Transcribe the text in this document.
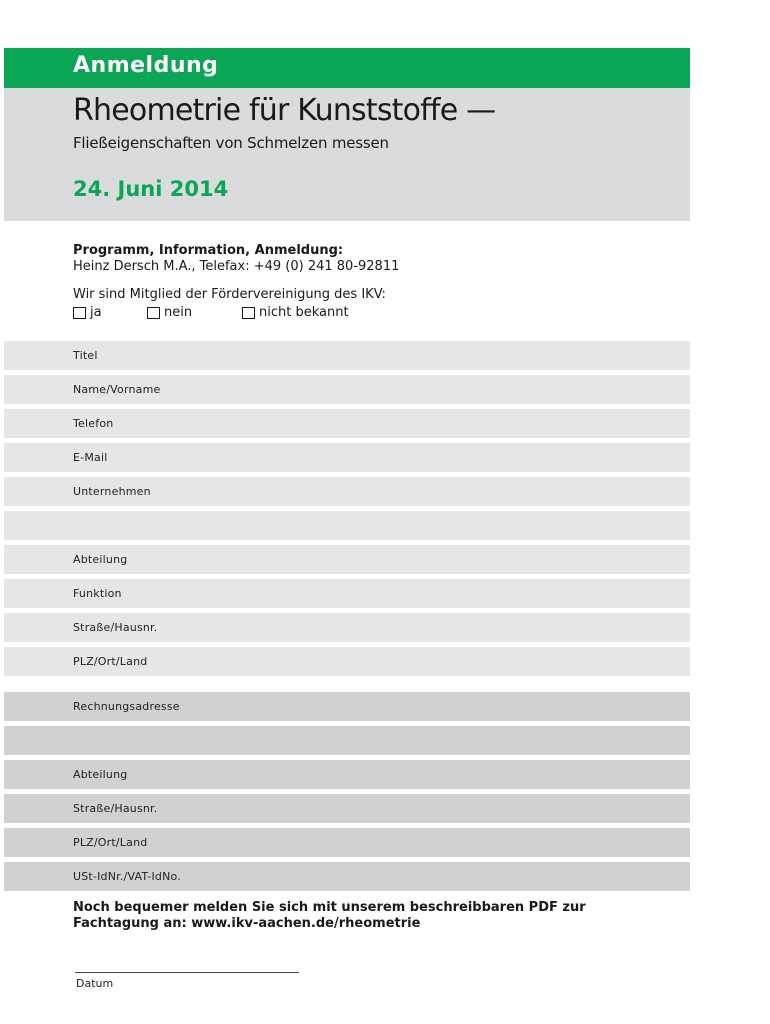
Anmeldung
Rheometrie für Kunststoffe —
Fließeigenschaften von Schmelzen messen
24. Juni 2014
Programm, Information, Anmeldung:
Heinz Dersch M.A., Telefax: +49 (0) 241 80-92811
Wir sind Mitglied der Fördervereinigung des IKV:
ja	nein	nicht bekannt
Titel
Name/Vorname
Telefon
E-Mail
Unternehmen
Abteilung
Funktion
Straße/Hausnr.
PLZ/Ort/Land
Rechnungsadresse
Abteilung
Straße/Hausnr.
PLZ/Ort/Land
USt-IdNr./VAT-IdNo.
Noch bequemer melden Sie sich mit unserem beschreibbaren PDF zur
Fachtagung an: www.ikv-aachen.de/rheometrie
Datum
